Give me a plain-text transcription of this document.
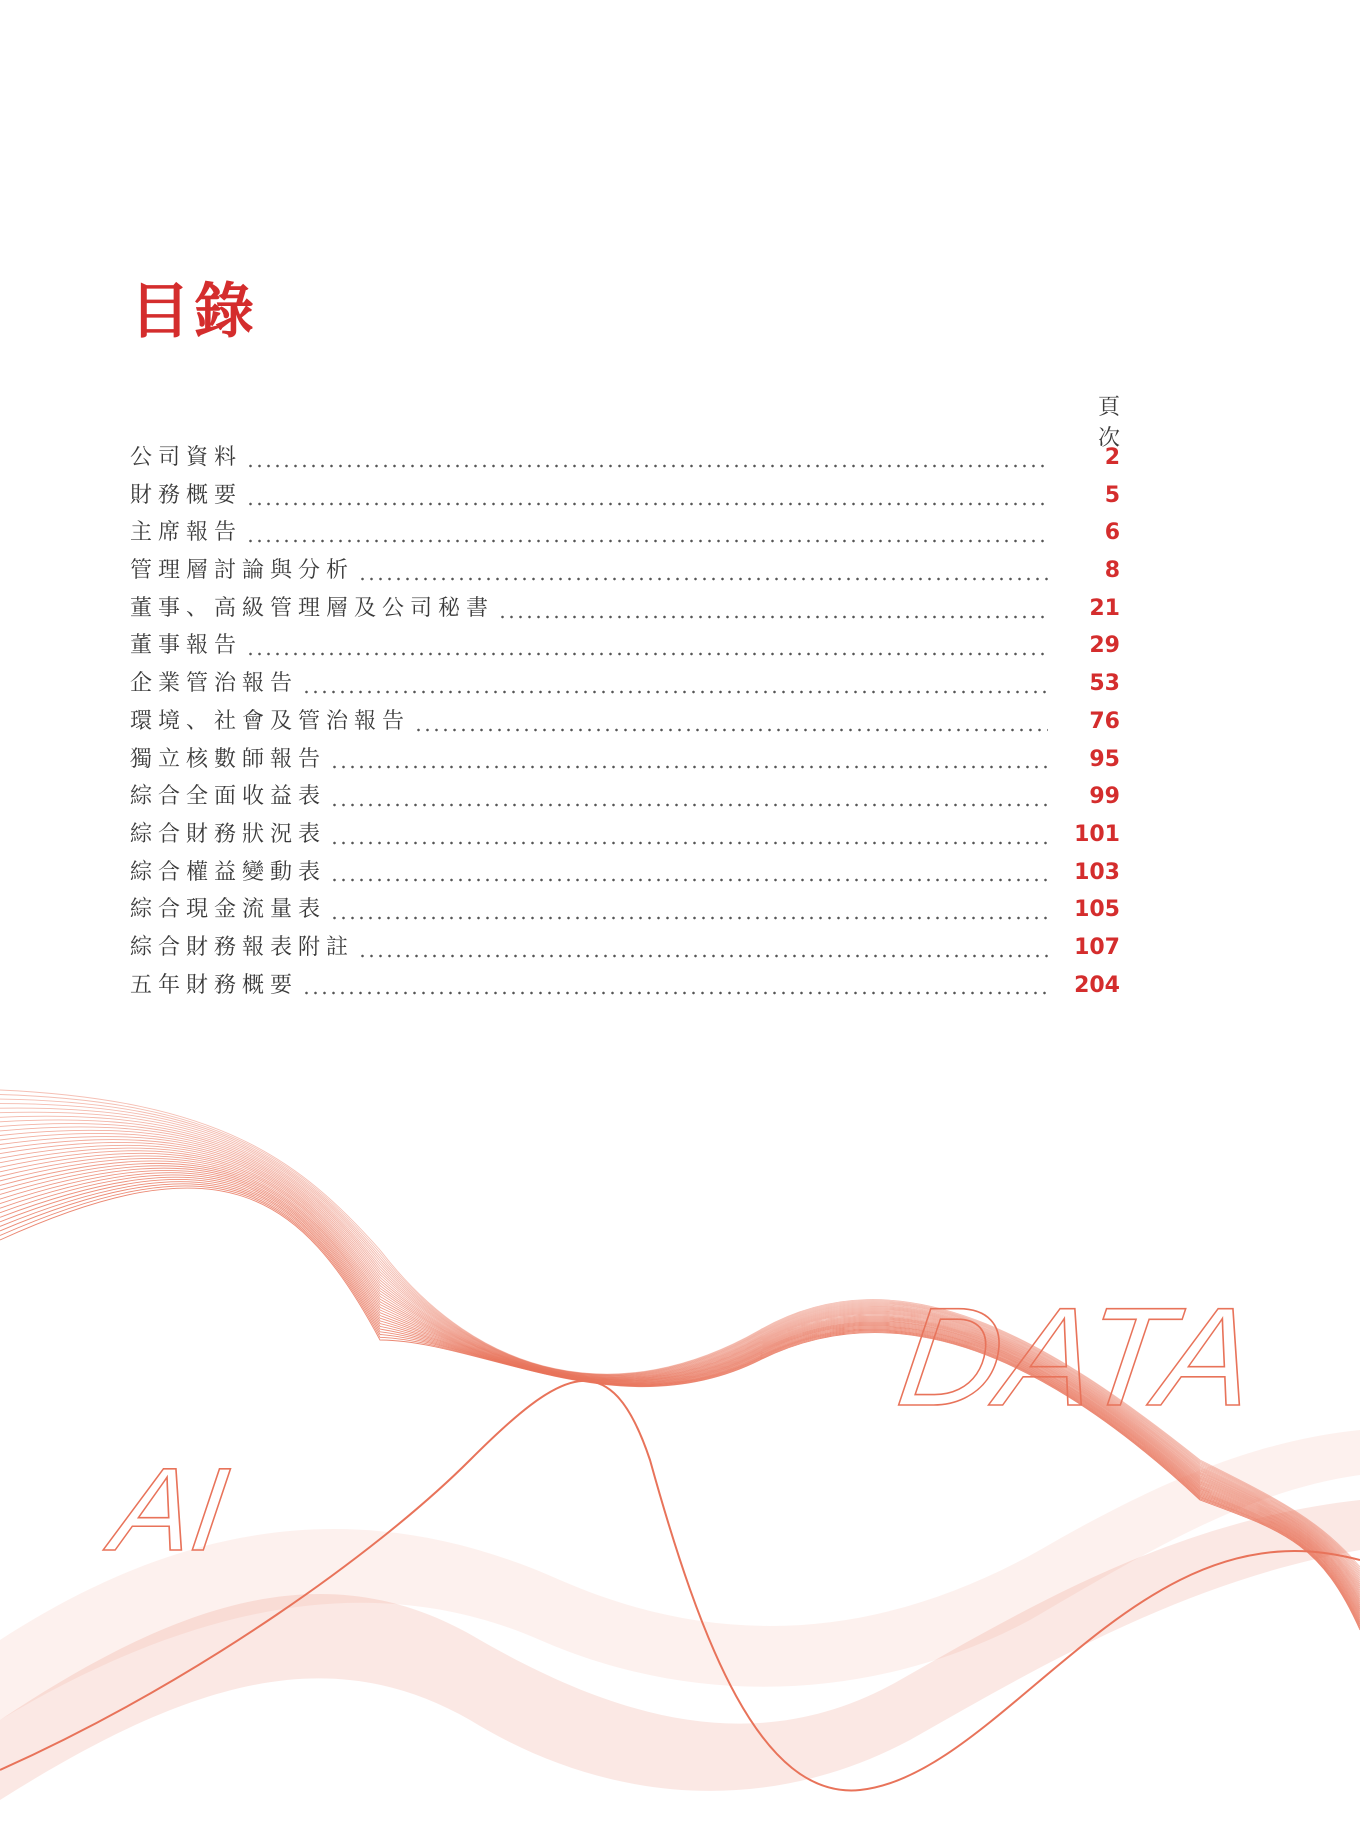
目錄
頁次
公司資料	2
財務概要	5
主席報告	6
管理層討論與分析	8
董事、高級管理層及公司秘書	21
董事報告	29
企業管治報告	53
環境、社會及管治報告	76
獨立核數師報告	95
綜合全面收益表	99
綜合財務狀況表	101
綜合權益變動表	103
綜合現金流量表	105
綜合財務報表附註	107
五年財務概要	204
AI
DATA
